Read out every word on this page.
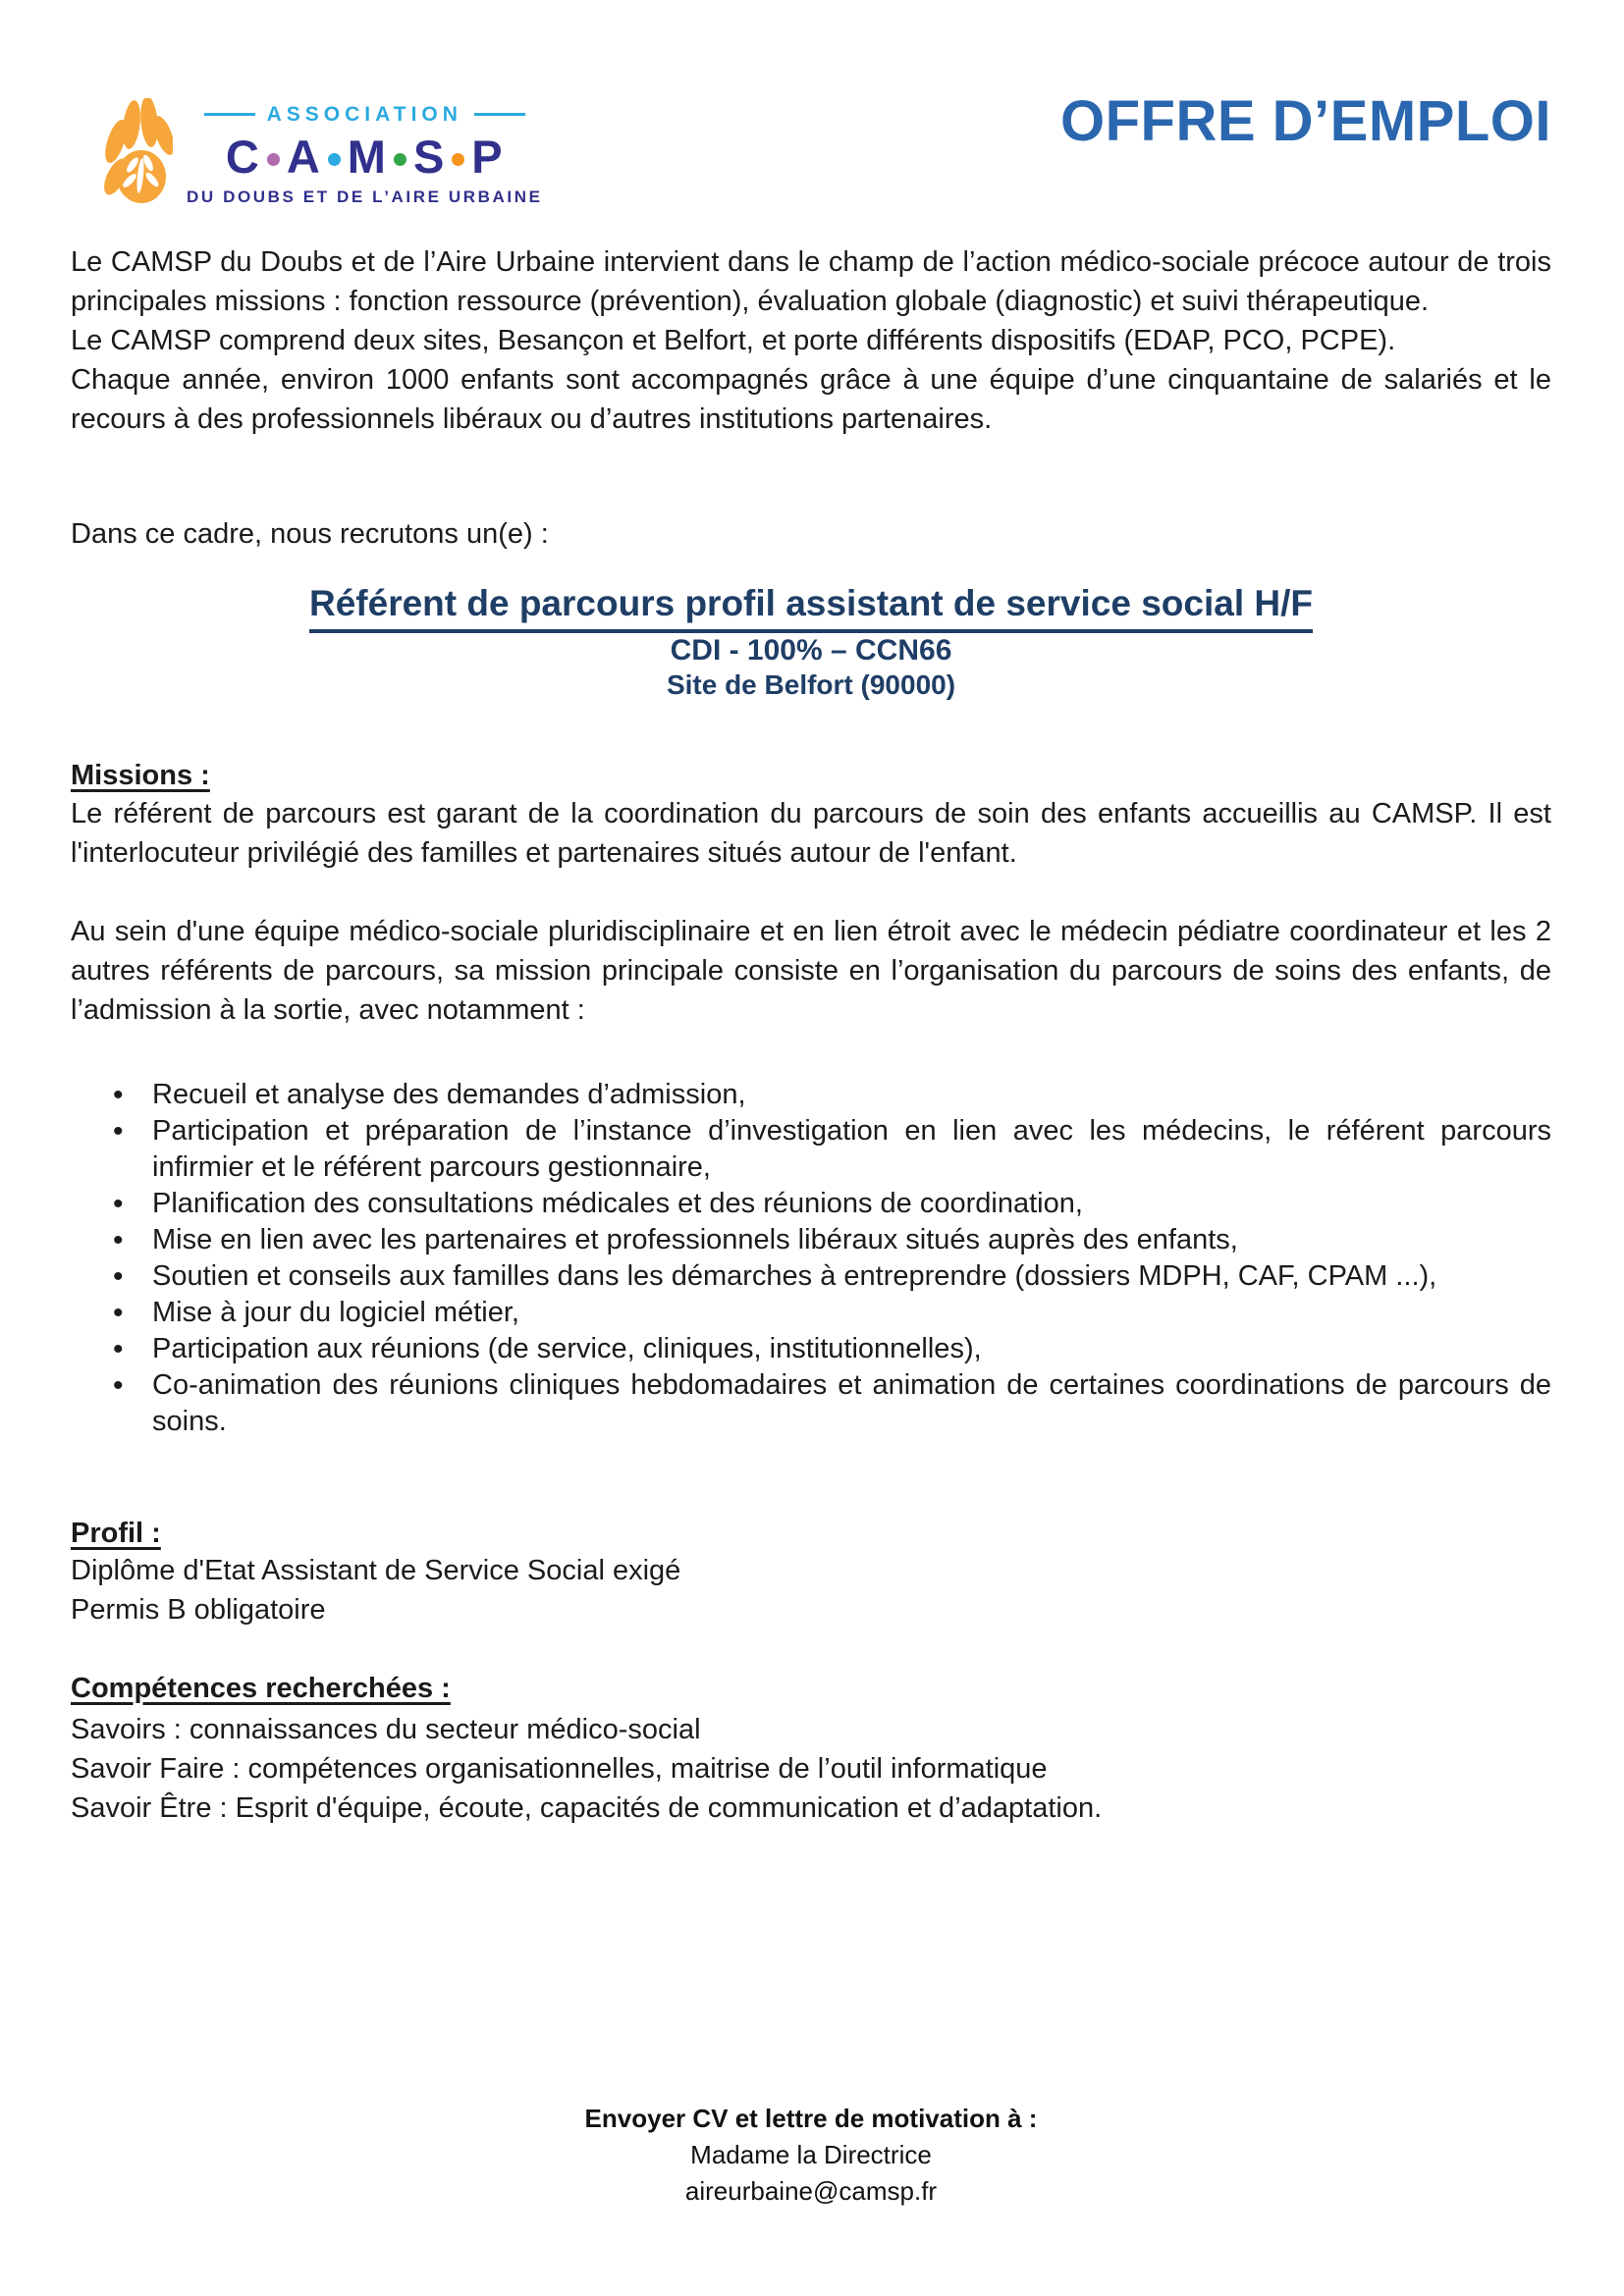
ASSOCIATION
C A M S P
DU DOUBS ET DE L’AIRE URBAINE
OFFRE D’EMPLOI

Le CAMSP du Doubs et de l’Aire Urbaine intervient dans le champ de l’action médico-sociale précoce autour de trois principales missions : fonction ressource (prévention), évaluation globale (diagnostic) et suivi thérapeutique.

Le CAMSP comprend deux sites, Besançon et Belfort, et porte différents dispositifs (EDAP, PCO, PCPE).

Chaque année, environ 1000 enfants sont accompagnés grâce à une équipe d’une cinquantaine de salariés et le recours à des professionnels libéraux ou d’autres institutions partenaires.

Dans ce cadre, nous recrutons un(e) :
Référent de parcours profil assistant de service social H/F
CDI - 100% – CCN66
Site de Belfort (90000)
Missions :
Le référent de parcours est garant de la coordination du parcours de soin des enfants accueillis au CAMSP. Il est l'interlocuteur privilégié des familles et partenaires situés autour de l'enfant.
Au sein d'une équipe médico-sociale pluridisciplinaire et en lien étroit avec le médecin pédiatre coordinateur et les 2 autres référents de parcours, sa mission principale consiste en l’organisation du parcours de soins des enfants, de l’admission à la sortie, avec notamment :
• Recueil et analyse des demandes d’admission,
• Participation et préparation de l’instance d’investigation en lien avec les médecins, le référent parcours infirmier et le référent parcours gestionnaire,
• Planification des consultations médicales et des réunions de coordination,
• Mise en lien avec les partenaires et professionnels libéraux situés auprès des enfants,
• Soutien et conseils aux familles dans les démarches à entreprendre (dossiers MDPH, CAF, CPAM ...),
• Mise à jour du logiciel métier,
• Participation aux réunions (de service, cliniques, institutionnelles),
• Co-animation des réunions cliniques hebdomadaires et animation de certaines coordinations de parcours de soins.
Profil :
Diplôme d'Etat Assistant de Service Social exigé
Permis B obligatoire
Compétences recherchées :
Savoirs : connaissances du secteur médico-social
Savoir Faire : compétences organisationnelles, maitrise de l’outil informatique
Savoir Être : Esprit d'équipe, écoute, capacités de communication et d’adaptation.
Envoyer CV et lettre de motivation à :
Madame la Directrice
aireurbaine@camsp.fr
